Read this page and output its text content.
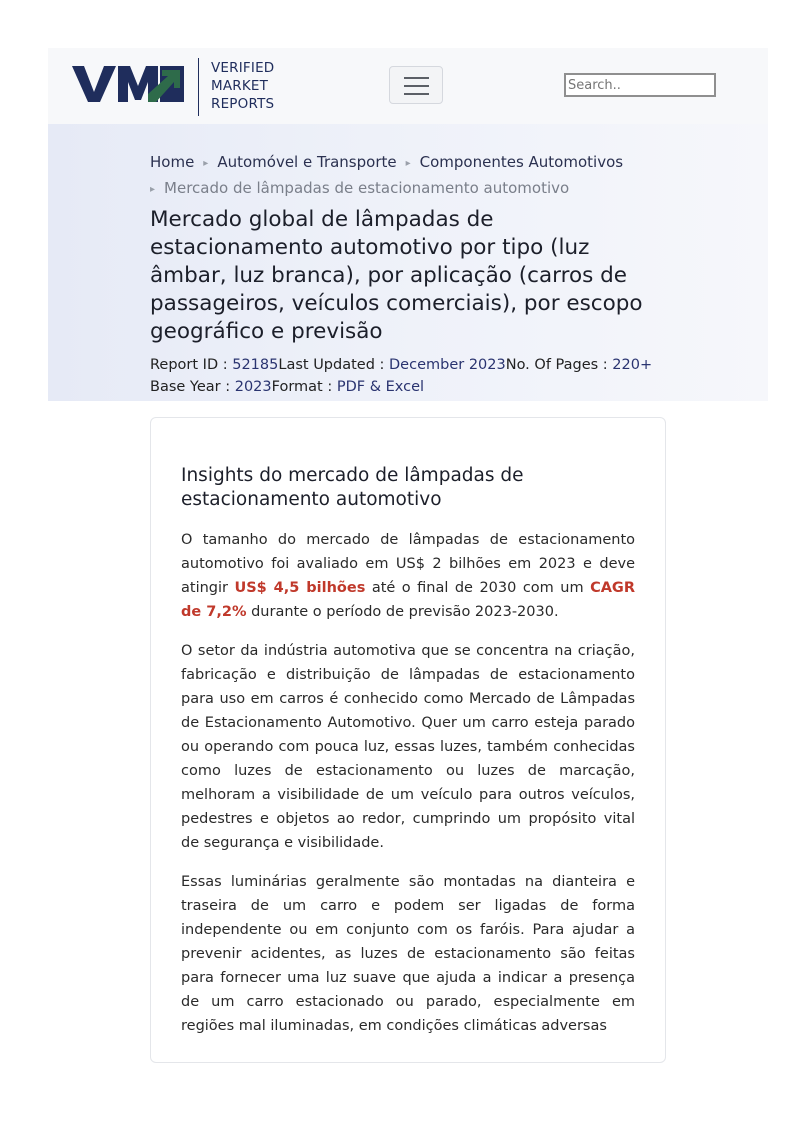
VERIFIED
MARKET
REPORTS
Search..
Home ▸ Automóvel e Transporte ▸ Componentes Automotivos
▸ Mercado de lâmpadas de estacionamento automotivo
Mercado global de lâmpadas de estacionamento automotivo por tipo (luz âmbar, luz branca), por aplicação (carros de passageiros, veículos comerciais), por escopo geográfico e previsão
Report ID : 52185Last Updated : December 2023No. Of Pages : 220+
Base Year : 2023Format : PDF & Excel
Insights do mercado de lâmpadas de estacionamento automotivo

O tamanho do mercado de lâmpadas de estacionamento automotivo foi avaliado em US$ 2 bilhões em 2023 e deve atingir US$ 4,5 bilhões até o final de 2030 com um CAGR de 7,2% durante o período de previsão 2023-2030.

O setor da indústria automotiva que se concentra na criação, fabricação e distribuição de lâmpadas de estacionamento para uso em carros é conhecido como Mercado de Lâmpadas de Estacionamento Automotivo. Quer um carro esteja parado ou operando com pouca luz, essas luzes, também conhecidas como luzes de estacionamento ou luzes de marcação, melhoram a visibilidade de um veículo para outros veículos, pedestres e objetos ao redor, cumprindo um propósito vital de segurança e visibilidade.

Essas luminárias geralmente são montadas na dianteira e traseira de um carro e podem ser ligadas de forma independente ou em conjunto com os faróis. Para ajudar a prevenir acidentes, as luzes de estacionamento são feitas para fornecer uma luz suave que ajuda a indicar a presença de um carro estacionado ou parado, especialmente em regiões mal iluminadas, em condições climáticas adversas
